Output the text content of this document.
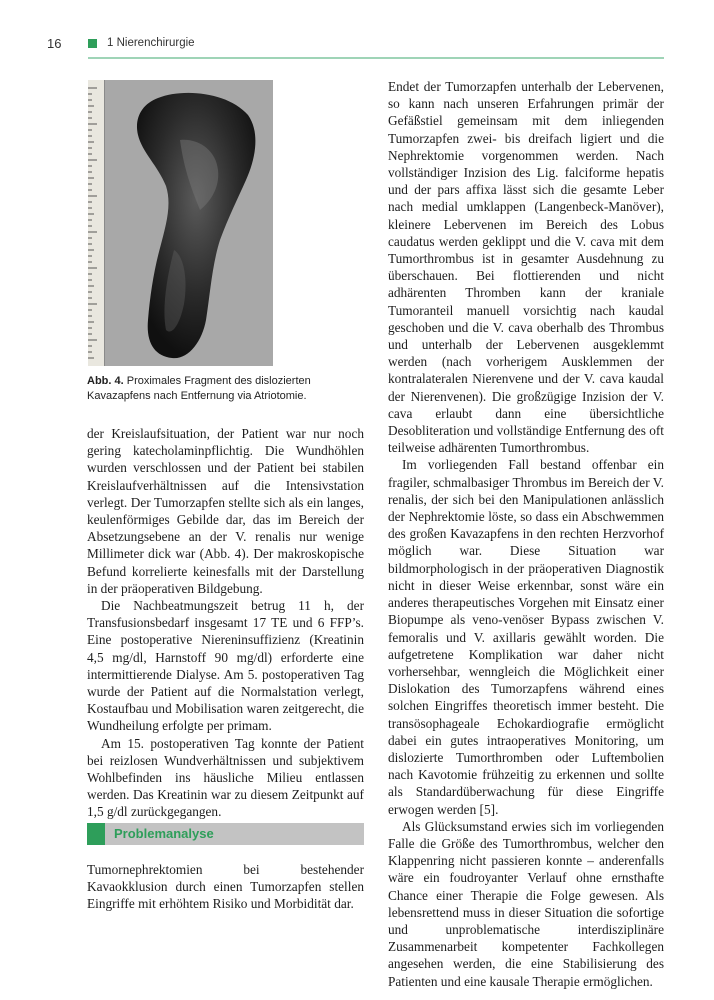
16	1 Nierenchirurgie
Abb. 4. Proximales Fragment des dislozierten
Kavazapfens nach Entfernung via Atriotomie.

der Kreislaufsituation, der Patient war nur noch gering katecholaminpflichtig. Die Wundhöhlen wurden verschlossen und der Patient bei stabilen Kreislaufverhältnissen auf die Intensivstation verlegt. Der Tumorzapfen stellte sich als ein langes, keulenförmiges Gebilde dar, das im Bereich der Absetzungsebene an der V. renalis nur wenige Millimeter dick war (Abb. 4). Der makroskopische Befund korrelierte keinesfalls mit der Darstellung in der präoperativen Bildgebung.

Die Nachbeatmungszeit betrug 11 h, der Transfusionsbedarf insgesamt 17 TE und 6 FFP’s. Eine postoperative Niereninsuffizienz (Kreatinin 4,5 mg/dl, Harnstoff 90 mg/dl) erforderte eine intermittierende Dialyse. Am 5. postoperativen Tag wurde der Patient auf die Normalstation verlegt, Kostaufbau und Mobilisation waren zeitgerecht, die Wundheilung erfolgte per primam.

Am 15. postoperativen Tag konnte der Patient bei reizlosen Wundverhältnissen und subjektivem Wohlbefinden ins häusliche Milieu entlassen werden. Das Kreatinin war zu diesem Zeitpunkt auf 1,5 g/dl zurückgegangen.

Problemanalyse

Tumornephrektomien bei bestehender Kavaokklusion durch einen Tumorzapfen stellen Eingriffe mit erhöhtem Risiko und Morbidität dar.

Endet der Tumorzapfen unterhalb der Lebervenen, so kann nach unseren Erfahrungen primär der Gefäßstiel gemeinsam mit dem inliegenden Tumorzapfen zwei- bis dreifach ligiert und die Nephrektomie vorgenommen werden. Nach vollständiger Inzision des Lig. falciforme hepatis und der pars affixa lässt sich die gesamte Leber nach medial umklappen (Langenbeck-Manöver), kleinere Lebervenen im Bereich des Lobus caudatus werden geklippt und die V. cava mit dem Tumorthrombus ist in gesamter Ausdehnung zu überschauen. Bei flottierenden und nicht adhärenten Thromben kann der kraniale Tumoranteil manuell vorsichtig nach kaudal geschoben und die V. cava oberhalb des Thrombus und unterhalb der Lebervenen ausgeklemmt werden (nach vorherigem Ausklemmen der kontralateralen Nierenvene und der V. cava kaudal der Nierenvenen). Die großzügige Inzision der V. cava erlaubt dann eine übersichtliche Desobliteration und vollständige Entfernung des oft teilweise adhärenten Tumorthrombus.

Im vorliegenden Fall bestand offenbar ein fragiler, schmalbasiger Thrombus im Bereich der V. renalis, der sich bei den Manipulationen anlässlich der Nephrektomie löste, so dass ein Abschwemmen des großen Kavazapfens in den rechten Herzvorhof möglich war. Diese Situation war bildmorphologisch in der präoperativen Diagnostik nicht in dieser Weise erkennbar, sonst wäre ein anderes therapeutisches Vorgehen mit Einsatz einer Biopumpe als veno-venöser Bypass zwischen V. femoralis und V. axillaris gewählt worden. Die aufgetretene Komplikation war daher nicht vorhersehbar, wenngleich die Möglichkeit einer Dislokation des Tumorzapfens während eines solchen Eingriffes theoretisch immer besteht. Die transösophageale Echokardiografie ermöglicht dabei ein gutes intraoperatives Monitoring, um dislozierte Tumorthromben oder Luftembolien nach Kavotomie frühzeitig zu erkennen und sollte als Standardüberwachung für diese Eingriffe erwogen werden [5].

Als Glücksumstand erwies sich im vorliegenden Falle die Größe des Tumorthrombus, welcher den Klappenring nicht passieren konnte – anderenfalls wäre ein foudroyanter Verlauf ohne ernsthafte Chance einer Therapie die Folge gewesen. Als lebensrettend muss in dieser Situation die sofortige und unproblematische interdisziplinäre Zusammenarbeit kompetenter Fachkollegen angesehen werden, die eine Stabilisierung des Patienten und eine kausale Therapie ermöglichen.
